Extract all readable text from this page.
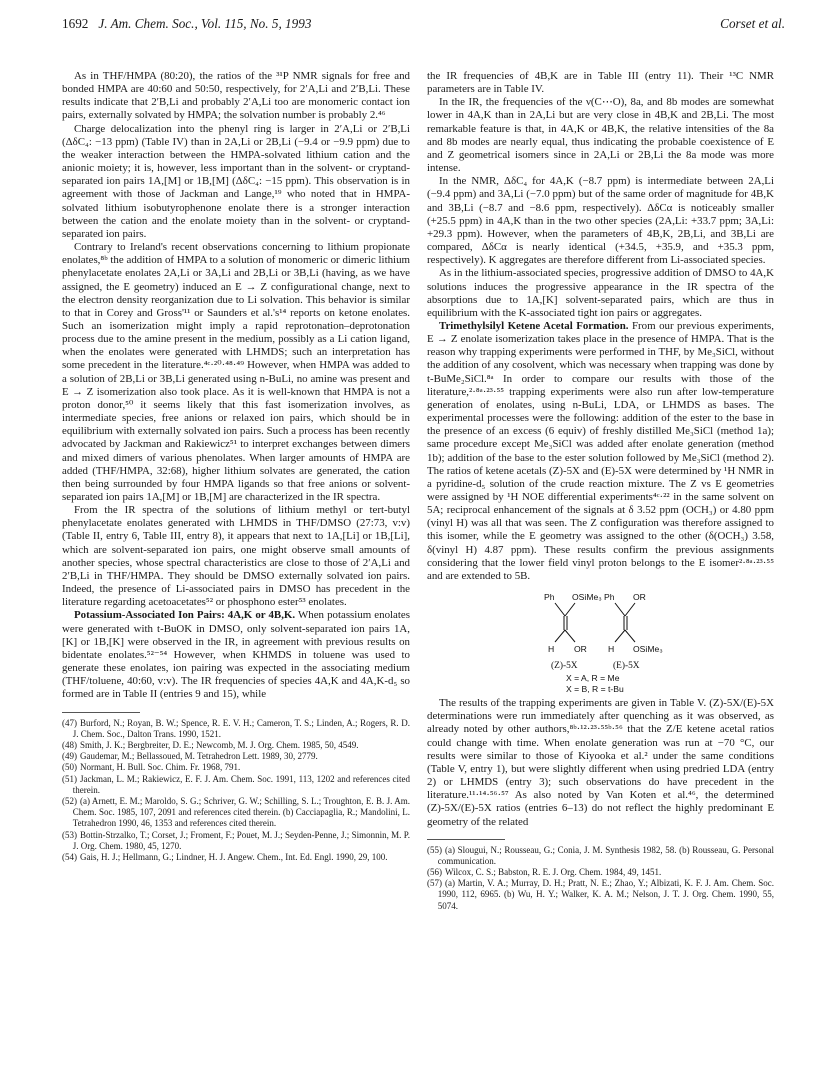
1692 J. Am. Chem. Soc., Vol. 115, No. 5, 1993	Corset et al.

As in THF/HMPA (80:20), the ratios of the ³¹P NMR signals for free and bonded HMPA are 40:60 and 50:50, respectively, for 2′A,Li and 2′B,Li. These results indicate that 2′B,Li and probably 2′A,Li too are monomeric contact ion pairs, externally solvated by HMPA; the solvation number is probably 2.⁴⁶

Charge delocalization into the phenyl ring is larger in 2′A,Li or 2′B,Li (ΔδC₄: −13 ppm) (Table IV) than in 2A,Li or 2B,Li (−9.4 or −9.9 ppm) due to the weaker interaction between the HMPA-solvated lithium cation and the anionic moiety; it is, however, less important than in the solvent- or cryptand-separated ion pairs 1A,[M] or 1B,[M] (ΔδC₄: −15 ppm). This observation is in agreement with those of Jackman and Lange,¹⁹ who noted that in HMPA-solvated lithium isobutyrophenone enolate there is a stronger interaction between the cation and the enolate moiety than in the solvent- or cryptand-separated ion pairs.

Contrary to Ireland's recent observations concerning to lithium propionate enolates,⁸ᵇ the addition of HMPA to a solution of monomeric or dimeric lithium phenylacetate enolates 2A,Li or 3A,Li and 2B,Li or 3B,Li (having, as we have assigned, the E geometry) induced an E → Z configurational change, next to the electron density reorganization due to Li solvation. This behavior is similar to that in Corey and Gross'¹¹ or Saunders et al.'s¹⁴ reports on ketone enolates. Such an isomerization might imply a rapid reprotonation–deprotonation process due to the amine present in the medium, possibly as a Li cation ligand, when the enolates were generated with LHMDS; such an interpretation has some precedent in the literature.⁴ᶜ·²⁰·⁴⁸·⁴⁹ However, when HMPA was added to a solution of 2B,Li or 3B,Li generated using n-BuLi, no amine was present and E → Z isomerization also took place. As it is well-known that HMPA is not a proton donor,⁵⁰ it seems likely that this fast isomerization involves, as intermediate species, free anions or relaxed ion pairs, which should be in equilibrium with externally solvated ion pairs. Such a process has been recently advocated by Jackman and Rakiewicz⁵¹ to interpret exchanges between dimers and mixed dimers of various phenolates. When larger amounts of HMPA are added (THF/HMPA, 32:68), higher lithium solvates are generated, the cation then being surrounded by four HMPA ligands so that free anions or solvent-separated ion pairs 1A,[M] or 1B,[M] are characterized in the IR spectra.

From the IR spectra of the solutions of lithium methyl or tert-butyl phenylacetate enolates generated with LHMDS in THF/DMSO (27:73, v:v) (Table II, entry 6, Table III, entry 8), it appears that next to 1A,[Li] or 1B,[Li], which are solvent-separated ion pairs, one might observe small amounts of another species, whose spectral characteristics are close to those of 2′A,Li and 2′B,Li in THF/HMPA. They should be DMSO externally solvated ion pairs. Indeed, the presence of Li-associated pairs in DMSO has precedent in the literature regarding acetoacetates⁵² or phosphono ester⁵³ enolates.

Potassium-Associated Ion Pairs: 4A,K or 4B,K. When potassium enolates were generated with t-BuOK in DMSO, only solvent-separated ion pairs 1A,[K] or 1B,[K] were observed in the IR, in agreement with previous results on bidentate enolates.⁵²⁻⁵⁴ However, when KHMDS in toluene was used to generate these enolates, ion pairing was expected in the associating medium (THF/toluene, 40:60, v:v). The IR frequencies of species 4A,K and 4A,K-d₅ so formed are in Table II (entries 9 and 15), while

(47) Burford, N.; Royan, B. W.; Spence, R. E. V. H.; Cameron, T. S.; Linden, A.; Rogers, R. D. J. Chem. Soc., Dalton Trans. 1990, 1521.
(48) Smith, J. K.; Bergbreiter, D. E.; Newcomb, M. J. Org. Chem. 1985, 50, 4549.
(49) Gaudemar, M.; Bellassoued, M. Tetrahedron Lett. 1989, 30, 2779.
(50) Normant, H. Bull. Soc. Chim. Fr. 1968, 791.
(51) Jackman, L. M.; Rakiewicz, E. F. J. Am. Chem. Soc. 1991, 113, 1202 and references cited therein.
(52) (a) Arnett, E. M.; Maroldo, S. G.; Schriver, G. W.; Schilling, S. L.; Troughton, E. B. J. Am. Chem. Soc. 1985, 107, 2091 and references cited therein. (b) Cacciapaglia, R.; Mandolini, L. Tetrahedron 1990, 46, 1353 and references cited therein.
(53) Bottin-Strzalko, T.; Corset, J.; Froment, F.; Pouet, M. J.; Seyden-Penne, J.; Simonnin, M. P. J. Org. Chem. 1980, 45, 1270.
(54) Gais, H. J.; Hellmann, G.; Lindner, H. J. Angew. Chem., Int. Ed. Engl. 1990, 29, 100.

the IR frequencies of 4B,K are in Table III (entry 11). Their ¹³C NMR parameters are in Table IV.

In the IR, the frequencies of the ν(C⋯O), 8a, and 8b modes are somewhat lower in 4A,K than in 2A,Li but are very close in 4B,K and 2B,Li. The most remarkable feature is that, in 4A,K or 4B,K, the relative intensities of the 8a and 8b modes are nearly equal, thus indicating the probable coexistence of E and Z geometrical isomers since in 2A,Li or 2B,Li the 8a mode was more intense.

In the NMR, ΔδC₄ for 4A,K (−8.7 ppm) is intermediate between 2A,Li (−9.4 ppm) and 3A,Li (−7.0 ppm) but of the same order of magnitude for 4B,K and 3B,Li (−8.7 and −8.6 ppm, respectively). ΔδCα is noticeably smaller (+25.5 ppm) in 4A,K than in the two other species (2A,Li: +33.7 ppm; 3A,Li: +29.3 ppm). However, when the parameters of 4B,K, 2B,Li, and 3B,Li are compared, ΔδCα is nearly identical (+34.5, +35.9, and +35.3 ppm, respectively). K aggregates are therefore different from Li-associated species.

As in the lithium-associated species, progressive addition of DMSO to 4A,K solutions induces the progressive appearance in the IR spectra of the absorptions due to 1A,[K] solvent-separated pairs, which are thus in equilibrium with the K-associated tight ion pairs or aggregates.

Trimethylsilyl Ketene Acetal Formation. From our previous experiments, E → Z enolate isomerization takes place in the presence of HMPA. That is the reason why trapping experiments were performed in THF, by Me₃SiCl, without the addition of any cosolvent, which was necessary when trapping was done by t-BuMe₂SiCl.⁸ᵃ In order to compare our results with those of the literature,²·⁸ᵃ·²³·⁵⁵ trapping experiments were also run after low-temperature generation of enolates, using n-BuLi, LDA, or LHMDS as bases. The experimental processes were the following: addition of the ester to the base in the presence of an excess (6 equiv) of freshly distilled Me₃SiCl (method 1a); same procedure except Me₃SiCl was added after enolate generation (method 1b); addition of the base to the ester solution followed by Me₃SiCl (method 2). The ratios of ketene acetals (Z)-5X and (E)-5X were determined by ¹H NMR in a pyridine-d₅ solution of the crude reaction mixture. The Z vs E geometries were assigned by ¹H NOE differential experiments⁴ᶜ·²² in the same solvent on 5A; reciprocal enhancement of the signals at δ 3.52 ppm (OCH₃) or 4.80 ppm (vinyl H) was all that was seen. The Z configuration was therefore assigned to this isomer, while the E geometry was assigned to the other (δ(OCH₃) 3.58, δ(vinyl H) 4.87 ppm). These results confirm the previous assignments considering that the lower field vinyl proton belongs to the E isomer²·⁸ᵃ·²³·⁵⁵ and are extended to 5B.

Ph OSiMe₃
H OR
(Z)-5X
Ph OR
H OSiMe₃
(E)-5X
X = A, R = Me
X = B, R = t-Bu

The results of the trapping experiments are given in Table V. (Z)-5X/(E)-5X determinations were run immediately after quenching as it was observed, as already noted by other authors,⁸ᵇ·¹²·²³·⁵⁵ᵇ·⁵⁶ that the Z/E ketene acetal ratios could change with time. When enolate generation was run at −70 °C, our results were similar to those of Kiyooka et al.² under the same conditions (Table V, entry 1), but were slightly different when using predried LDA (entry 2) or LHMDS (entry 3); such observations do have precedent in the literature.¹¹·¹⁴·⁵⁶·⁵⁷ As also noted by Van Koten et al.⁴⁶, the determined (Z)-5X/(E)-5X ratios (entries 6–13) do not reflect the highly predominant E geometry of the related

(55) (a) Slougui, N.; Rousseau, G.; Conia, J. M. Synthesis 1982, 58. (b) Rousseau, G. Personal communication.
(56) Wilcox, C. S.; Babston, R. E. J. Org. Chem. 1984, 49, 1451.
(57) (a) Martin, V. A.; Murray, D. H.; Pratt, N. E.; Zhao, Y.; Albizati, K. F. J. Am. Chem. Soc. 1990, 112, 6965. (b) Wu, H. Y.; Walker, K. A. M.; Nelson, J. T. J. Org. Chem. 1990, 55, 5074.
